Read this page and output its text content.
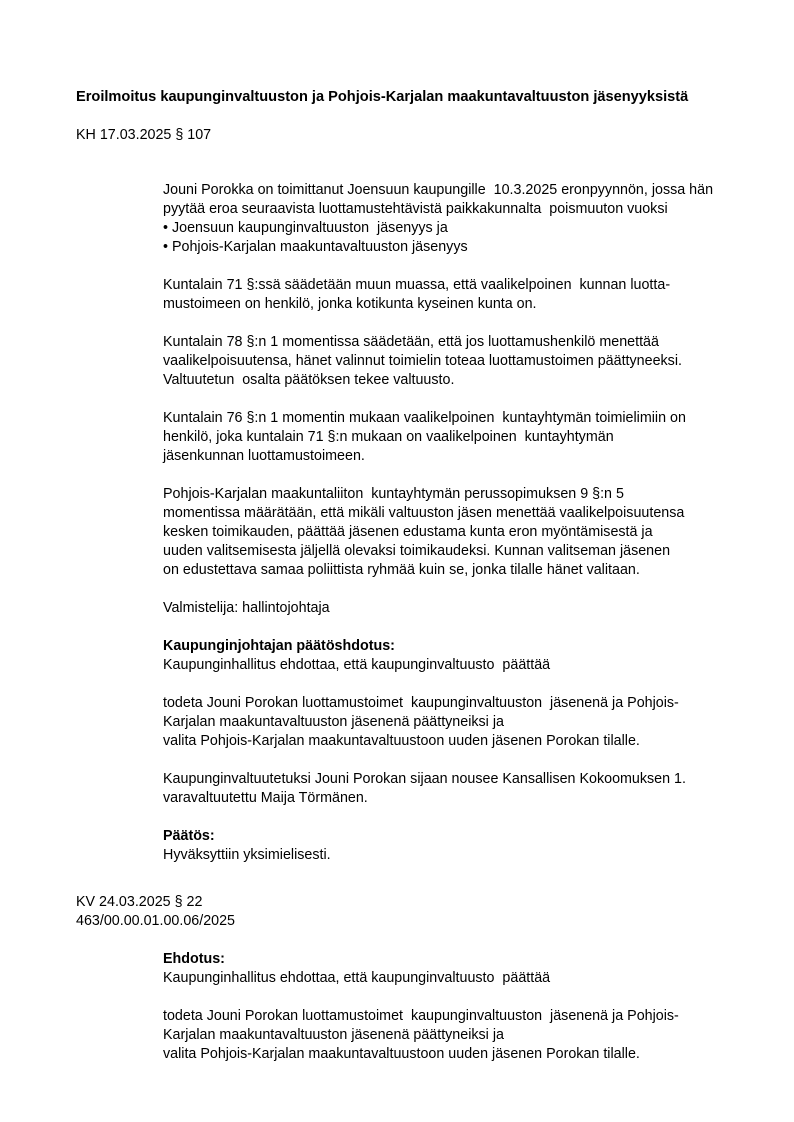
Eroilmoitus kaupunginvaltuuston ja Pohjois-Karjalan maakuntavaltuuston jäsenyyksistä

KH 17.03.2025 § 107

Jouni Porokka on toimittanut Joensuun kaupungille  10.3.2025 eronpyynnön, jossa hän
pyytää eroa seuraavista luottamustehtävistä paikkakunnalta  poismuuton vuoksi
• Joensuun kaupunginvaltuuston  jäsenyys ja
• Pohjois-Karjalan maakuntavaltuuston jäsenyys

Kuntalain 71 §:ssä säädetään muun muassa, että vaalikelpoinen  kunnan luotta-
mustoimeen on henkilö, jonka kotikunta kyseinen kunta on.

Kuntalain 78 §:n 1 momentissa säädetään, että jos luottamushenkilö menettää
vaalikelpoisuutensa, hänet valinnut toimielin toteaa luottamustoimen päättyneeksi.
Valtuutetun  osalta päätöksen tekee valtuusto.

Kuntalain 76 §:n 1 momentin mukaan vaalikelpoinen  kuntayhtymän toimielimiin on
henkilö, joka kuntalain 71 §:n mukaan on vaalikelpoinen  kuntayhtymän
jäsenkunnan luottamustoimeen.

Pohjois-Karjalan maakuntaliiton  kuntayhtymän perussopimuksen 9 §:n 5
momentissa määrätään, että mikäli valtuuston jäsen menettää vaalikelpoisuutensa
kesken toimikauden, päättää jäsenen edustama kunta eron myöntämisestä ja
uuden valitsemisesta jäljellä olevaksi toimikaudeksi. Kunnan valitseman jäsenen
on edustettava samaa poliittista ryhmää kuin se, jonka tilalle hänet valitaan.

Valmistelija: hallintojohtaja

Kaupunginjohtajan päätöshdotus:

Kaupunginhallitus ehdottaa, että kaupunginvaltuusto  päättää

todeta Jouni Porokan luottamustoimet  kaupunginvaltuuston  jäsenenä ja Pohjois-
Karjalan maakuntavaltuuston jäsenenä päättyneiksi ja
valita Pohjois-Karjalan maakuntavaltuustoon uuden jäsenen Porokan tilalle.

Kaupunginvaltuutetuksi Jouni Porokan sijaan nousee Kansallisen Kokoomuksen 1.
varavaltuutettu Maija Törmänen.

Päätös:

Hyväksyttiin yksimielisesti.

KV 24.03.2025 § 22

463/00.00.01.00.06/2025

Ehdotus:

Kaupunginhallitus ehdottaa, että kaupunginvaltuusto  päättää

todeta Jouni Porokan luottamustoimet  kaupunginvaltuuston  jäsenenä ja Pohjois-
Karjalan maakuntavaltuuston jäsenenä päättyneiksi ja
valita Pohjois-Karjalan maakuntavaltuustoon uuden jäsenen Porokan tilalle.
